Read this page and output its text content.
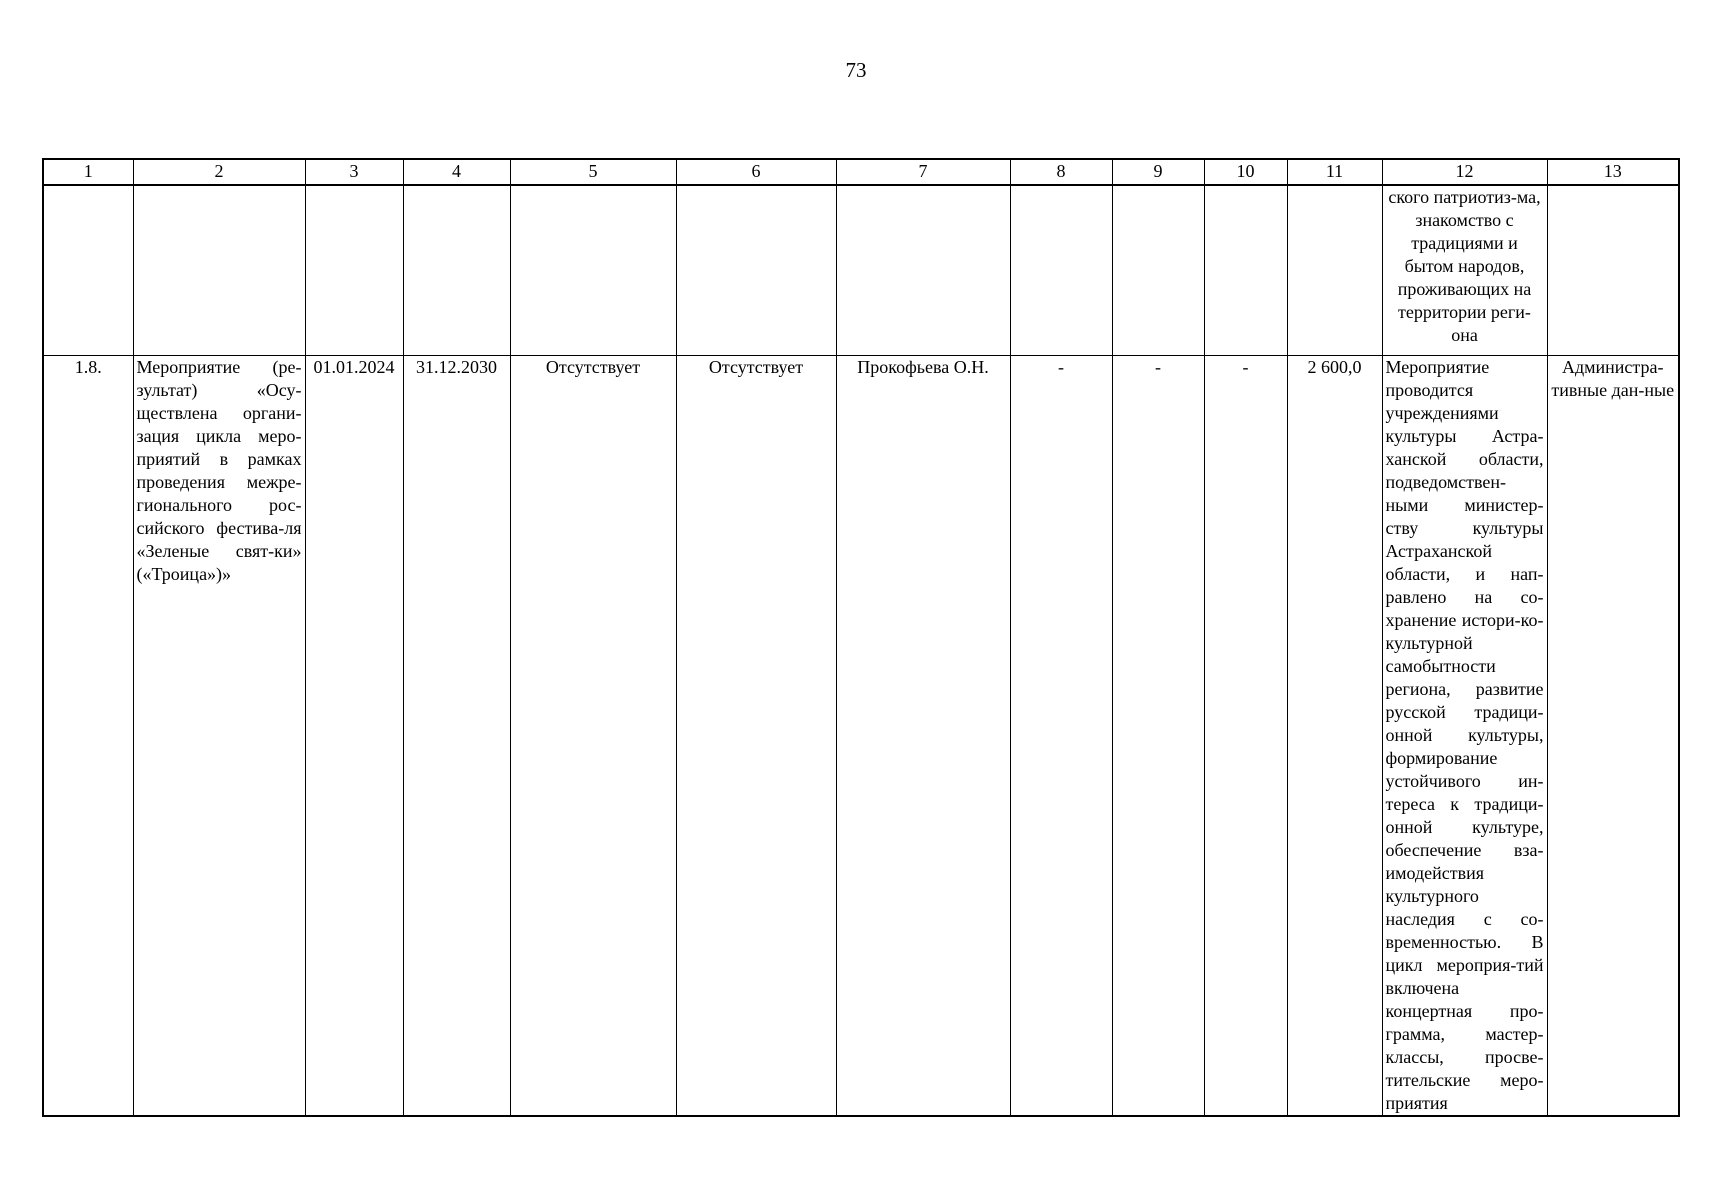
73
1	2	3	4	5	6	7	8	9	10	11	12	13
											ского патриотиз-ма, знакомство с традициями и бытом народов, проживающих на территории реги-она	
1.8.	Мероприятие (ре-зультат) «Осу-ществлена органи-зация цикла меро-приятий в рамках проведения межре-гионального рос-сийского фестива-ля «Зеленые свят-ки» («Троица»)»	01.01.2024	31.12.2030	Отсутствует	Отсутствует	Прокофьева О.Н.	-	-	-	2 600,0	Мероприятие проводится учреждениями культуры Астра-ханской области, подведомствен-ными министер-ству культуры Астраханской области, и нап-равлено на со-хранение истори-ко-культурной самобытности региона, развитие русской традици-онной культуры, формирование устойчивого ин-тереса к традици-онной культуре, обеспечение вза-имодействия культурного наследия с со-временностью. В цикл мероприя-тий включена концертная про-грамма, мастер-классы, просве-тительские меро-приятия	Администра-тивные дан-ные
